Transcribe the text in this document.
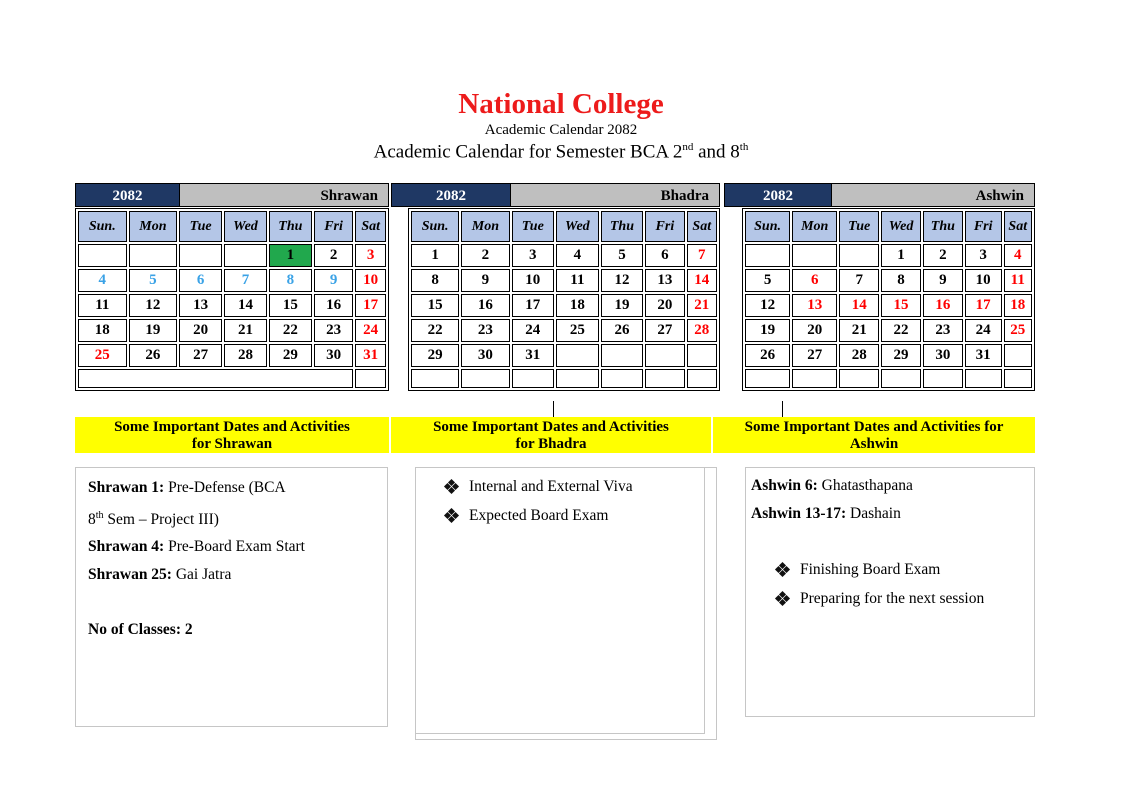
National College
Academic Calendar 2082
Academic Calendar for Semester BCA 2nd and 8th
2082	Shrawan
Sun.	Mon	Tue	Wed	Thu	Fri	Sat
				1	2	3
4	5	6	7	8	9	10
11	12	13	14	15	16	17
18	19	20	21	22	23	24
25	26	27	28	29	30	31

2082	Bhadra
Sun.	Mon	Tue	Wed	Thu	Fri	Sat
1	2	3	4	5	6	7
8	9	10	11	12	13	14
15	16	17	18	19	20	21
22	23	24	25	26	27	28
29	30	31				

2082	Ashwin
Sun.	Mon	Tue	Wed	Thu	Fri	Sat
			1	2	3	4
5	6	7	8	9	10	11
12	13	14	15	16	17	18
19	20	21	22	23	24	25
26	27	28	29	30	31	

Some Important Dates and Activities
for Shrawan
Some Important Dates and Activities
for Bhadra
Some Important Dates and Activities for
Ashwin
Shrawan 1: Pre-Defense (BCA
8th Sem – Project III)
Shrawan 4: Pre-Board Exam Start
Shrawan 25: Gai Jatra
No of Classes: 2
Internal and External Viva
Expected Board Exam
Ashwin 6: Ghatasthapana
Ashwin 13-17: Dashain
Finishing Board Exam
Preparing for the next session
